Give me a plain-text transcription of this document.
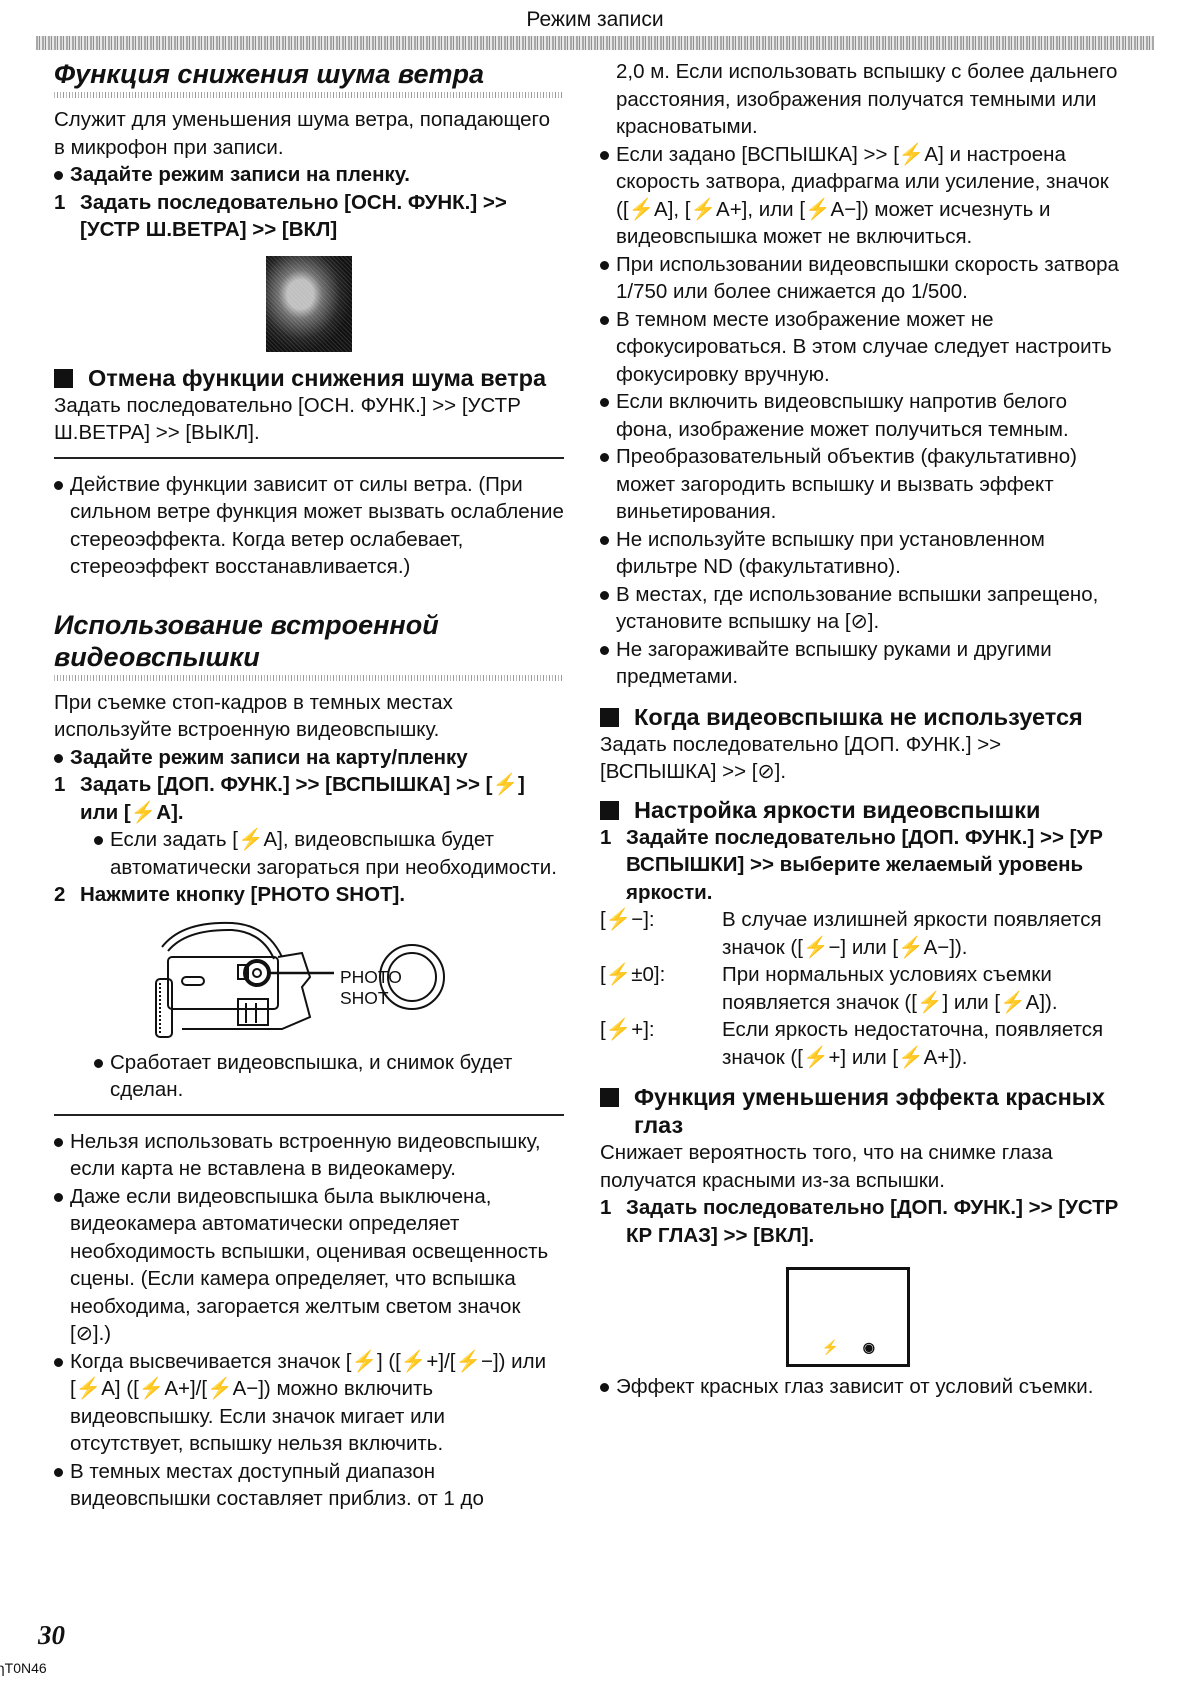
Режим записи
Функция снижения шума ветра
Служит для уменьшения шума ветра, попадающего в микрофон при записи.
Задайте режим записи на пленку.
1 Задать последовательно [ОСН. ФУНК.] >> [УСТР Ш.ВЕТРА] >> [ВКЛ]
Отмена функции снижения шума ветра
Задать последовательно [ОСН. ФУНК.] >> [УСТР Ш.ВЕТРА] >> [ВЫКЛ].
Действие функции зависит от силы ветра. (При сильном ветре функция может вызвать ослабление стереоэффекта. Когда ветер ослабевает, стереоэффект восстанавливается.)
Использование встроенной
видеовспышки
При съемке стоп-кадров в темных местах используйте встроенную видеовспышку.
Задайте режим записи на карту/пленку
1 Задать [ДОП. ФУНК.] >> [ВСПЫШКА] >> [⚡] или [⚡A].
Если задать [⚡A], видеовспышка будет автоматически загораться при необходимости.
2 Нажмите кнопку [PHOTO SHOT].
PHOTO
SHOT
Сработает видеовспышка, и снимок будет сделан.
Нельзя использовать встроенную видеовспышку, если карта не вставлена в видеокамеру.
Даже если видеовспышка была выключена, видеокамера автоматически определяет необходимость вспышки, оценивая освещенность сцены. (Если камера определяет, что вспышка необходима, загорается желтым светом значок [⊘].)
Когда высвечивается значок [⚡] ([⚡+]/[⚡−]) или [⚡A] ([⚡A+]/[⚡A−]) можно включить видеовспышку. Если значок мигает или отсутствует, вспышку нельзя включить.
В темных местах доступный диапазон видеовспышки составляет приблиз. от 1 до
2,0 м. Если использовать вспышку с более дальнего расстояния, изображения получатся темными или красноватыми.
Если задано [ВСПЫШКА] >> [⚡A] и настроена скорость затвора, диафрагма или усиление, значок ([⚡A], [⚡A+], или [⚡A−]) может исчезнуть и видеовспышка может не включиться.
При использовании видеовспышки скорость затвора 1/750 или более снижается до 1/500.
В темном месте изображение может не сфокусироваться. В этом случае следует настроить фокусировку вручную.
Если включить видеовспышку напротив белого фона, изображение может получиться темным.
Преобразовательный объектив (факультативно) может загородить вспышку и вызвать эффект виньетирования.
Не используйте вспышку при установленном фильтре ND (факультативно).
В местах, где использование вспышки запрещено, установите вспышку на [⊘].
Не загораживайте вспышку руками и другими предметами.
Когда видеовспышка не используется
Задать последовательно [ДОП. ФУНК.] >> [ВСПЫШКА] >> [⊘].
Настройка яркости видеовспышки
1 Задайте последовательно [ДОП. ФУНК.] >> [УР ВСПЫШКИ] >> выберите желаемый уровень яркости.
[⚡−]:	В случае излишней яркости появляется значок ([⚡−] или [⚡A−]).
[⚡±0]:	При нормальных условиях съемки появляется значок ([⚡] или [⚡A]).
[⚡+]:	Если яркость недостаточна, появляется значок ([⚡+] или [⚡A+]).
Функция уменьшения эффекта красных глаз
Снижает вероятность того, что на снимке глаза получатся красными из-за вспышки.
1 Задать последовательно [ДОП. ФУНК.] >> [УСТР КР ГЛАЗ] >> [ВКЛ].
⚡ ◉
Эффект красных глаз зависит от условий съемки.
30
ɿT0N46
